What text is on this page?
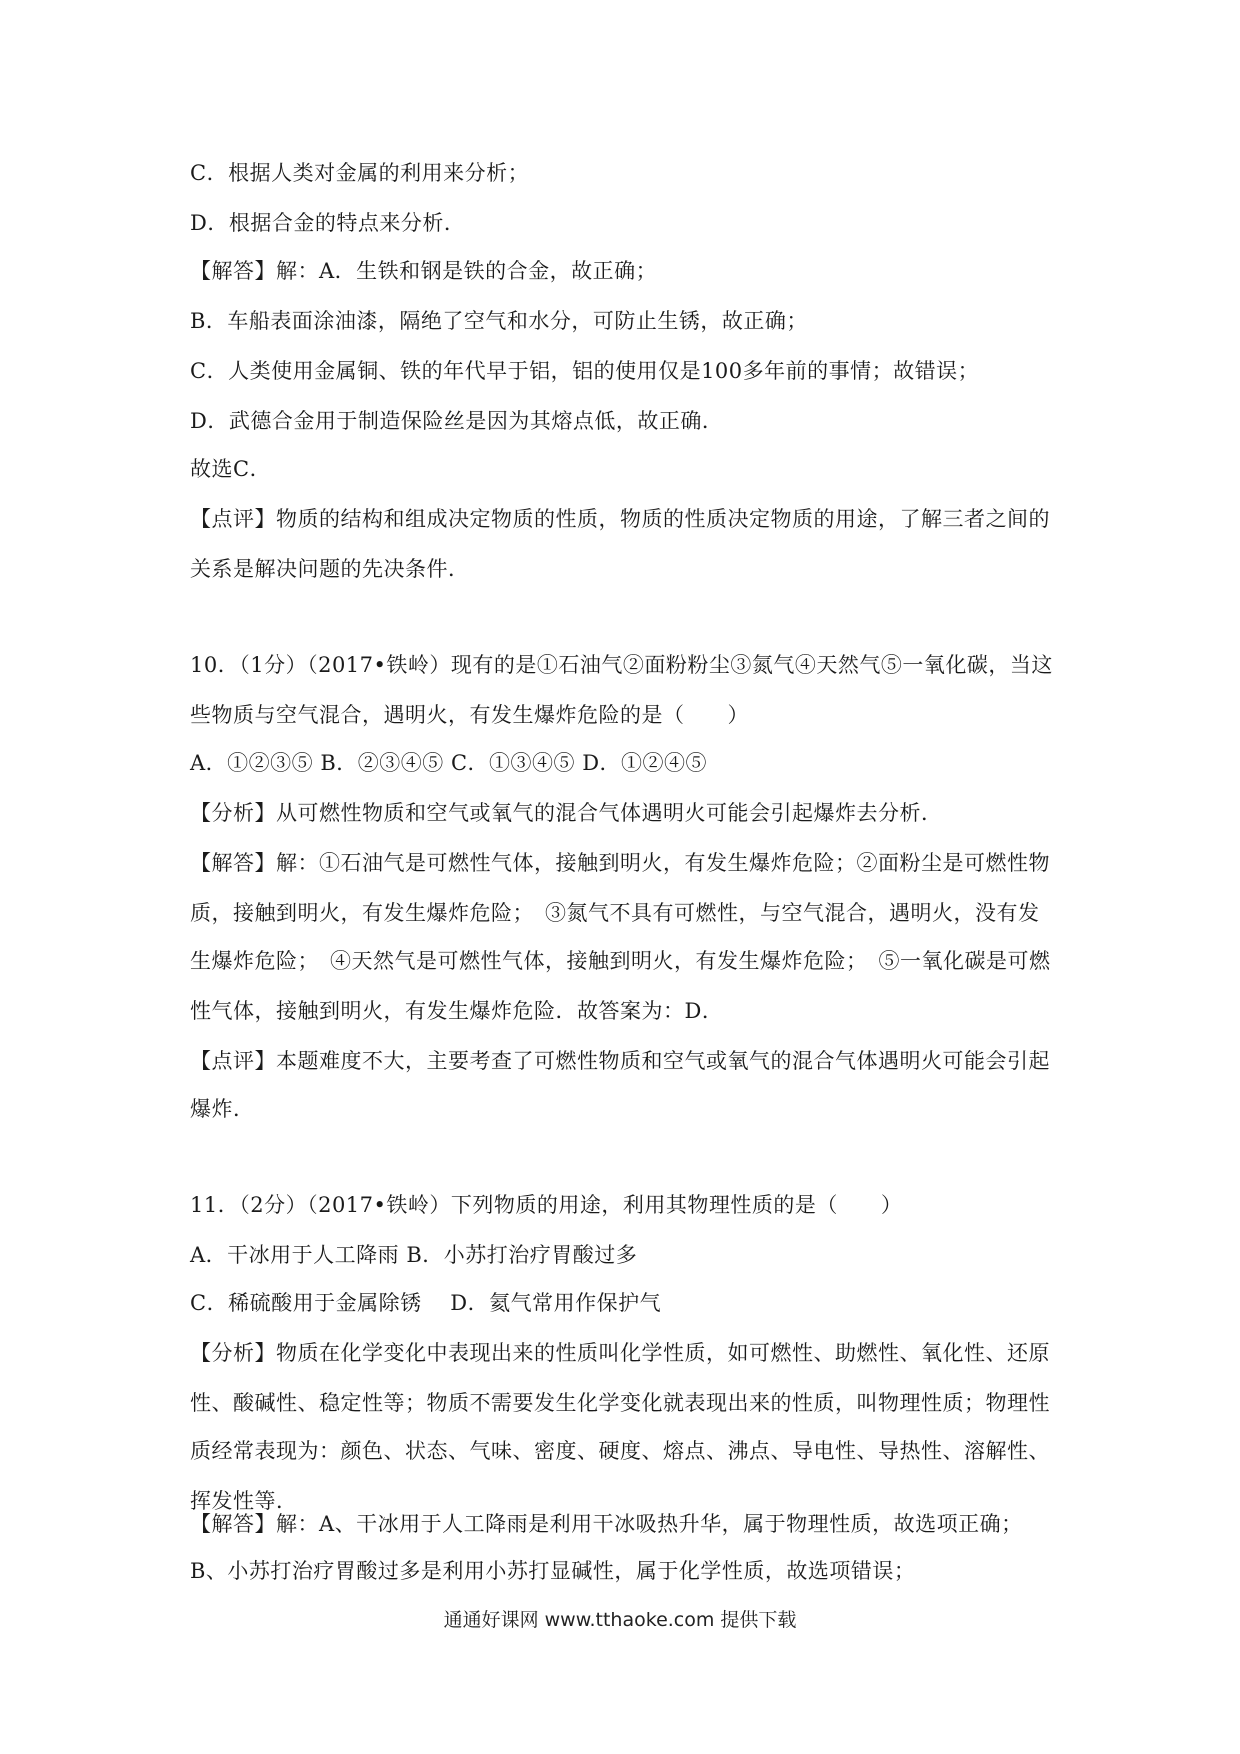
C．根据人类对金属的利用来分析；
D．根据合金的特点来分析．
【解答】解：A．生铁和钢是铁的合金，故正确；
B．车船表面涂油漆，隔绝了空气和水分，可防止生锈，故正确；
C．人类使用金属铜、铁的年代早于铝，铝的使用仅是100多年前的事情；故错误；
D．武德合金用于制造保险丝是因为其熔点低，故正确．
故选C．
【点评】物质的结构和组成决定物质的性质，物质的性质决定物质的用途，了解三者之间的
关系是解决问题的先决条件．
10．（1分）（2017•铁岭）现有的是①石油气②面粉粉尘③氮气④天然气⑤一氧化碳，当这
些物质与空气混合，遇明火，有发生爆炸危险的是（　　）
A．①②③⑤ B．②③④⑤ C．①③④⑤ D．①②④⑤
【分析】从可燃性物质和空气或氧气的混合气体遇明火可能会引起爆炸去分析．
【解答】解：①石油气是可燃性气体，接触到明火，有发生爆炸危险；②面粉尘是可燃性物
质，接触到明火，有发生爆炸危险；　③氮气不具有可燃性，与空气混合，遇明火，没有发
生爆炸危险；　④天然气是可燃性气体，接触到明火，有发生爆炸危险；　⑤一氧化碳是可燃
性气体，接触到明火，有发生爆炸危险．故答案为：D．
【点评】本题难度不大，主要考查了可燃性物质和空气或氧气的混合气体遇明火可能会引起
爆炸．
11．（2分）（2017•铁岭）下列物质的用途，利用其物理性质的是（　　）
A．干冰用于人工降雨 B．小苏打治疗胃酸过多
C．稀硫酸用于金属除锈　 D．氦气常用作保护气
【分析】物质在化学变化中表现出来的性质叫化学性质，如可燃性、助燃性、氧化性、还原
性、酸碱性、稳定性等；物质不需要发生化学变化就表现出来的性质，叫物理性质；物理性
质经常表现为：颜色、状态、气味、密度、硬度、熔点、沸点、导电性、导热性、溶解性、
挥发性等．
【解答】解：A、干冰用于人工降雨是利用干冰吸热升华，属于物理性质，故选项正确；
B、小苏打治疗胃酸过多是利用小苏打显碱性，属于化学性质，故选项错误；
通通好课网 www.tthaoke.com 提供下载
